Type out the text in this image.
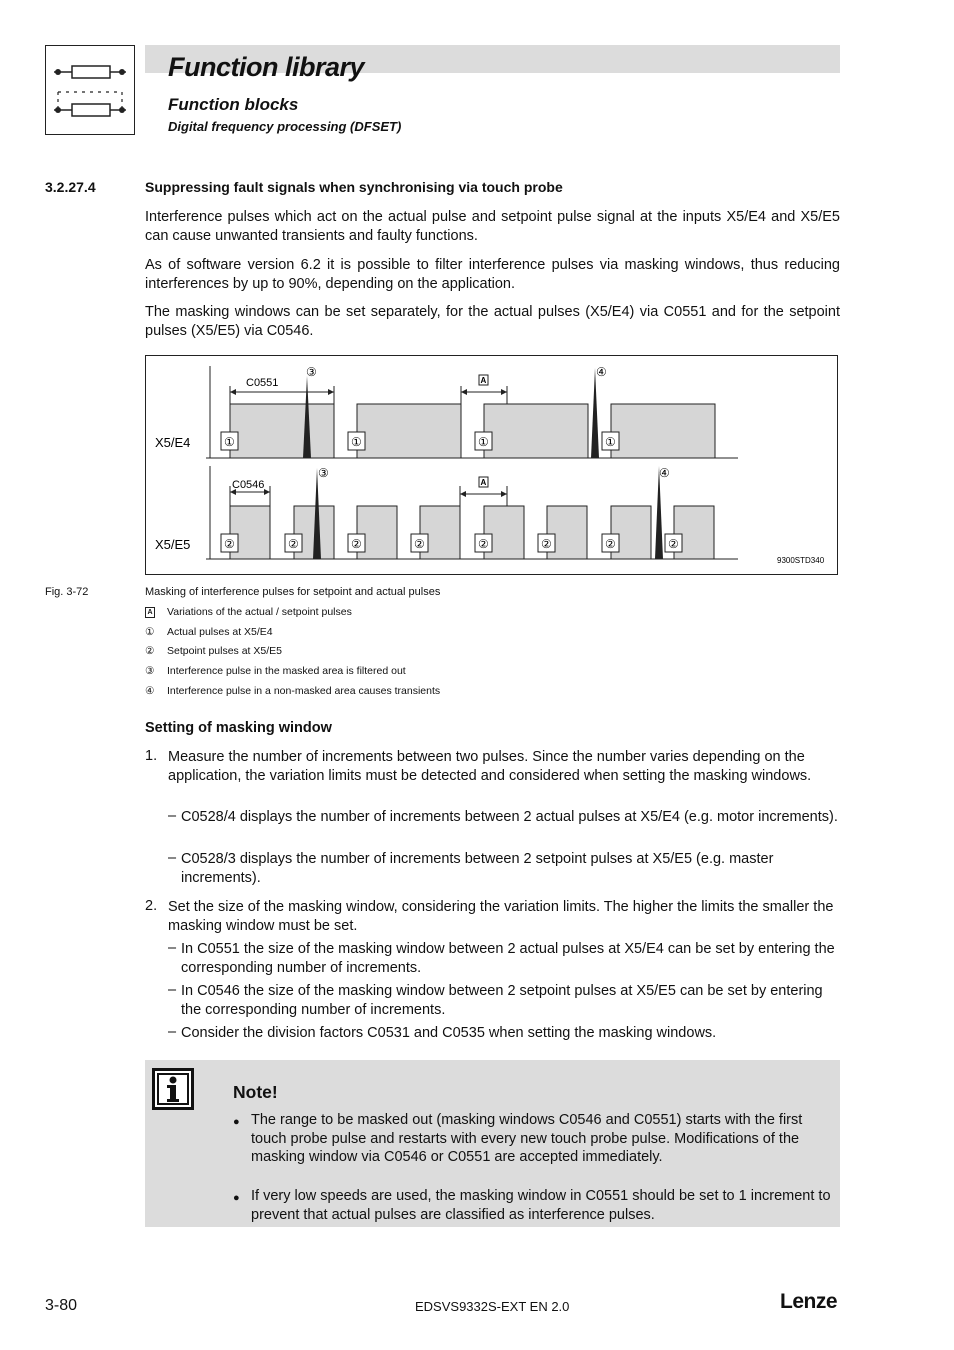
Function library
Function blocks
Digital frequency processing (DFSET)
3.2.27.4	Suppressing fault signals when synchronising via touch probe
Interference pulses which act on the actual pulse and setpoint pulse signal at the inputs X5/E4 and X5/E5 can cause unwanted transients and faulty functions.
As of software version 6.2 it is possible to filter interference pulses via masking windows, thus reducing interferences by up to 90%, depending on the application.
The masking windows can be set separately, for the actual pulses (X5/E4) via C0551 and for the setpoint pulses (X5/E5) via C0546.
C0551
③	④
A
X5/E4	①	①	①	①
C0546
③	④
A
X5/E5	②	②	②	②	②	②	②	②
9300STD340
Fig. 3-72	Masking of interference pulses for setpoint and actual pulses
A Variations of the actual / setpoint pulses
① Actual pulses at X5/E4
② Setpoint pulses at X5/E5
③ Interference pulse in the masked area is filtered out
④ Interference pulse in a non-masked area causes transients
Setting of masking window
1. Measure the number of increments between two pulses. Since the number varies depending on the application, the variation limits must be detected and considered when setting the masking windows.
– C0528/4 displays the number of increments between 2 actual pulses at X5/E4 (e.g. motor increments).
– C0528/3 displays the number of increments between 2 setpoint pulses at X5/E5 (e.g. master increments).
2. Set the size of the masking window, considering the variation limits. The higher the limits the smaller the masking window must be set.
– In C0551 the size of the masking window between 2 actual pulses at X5/E4 can be set by entering the corresponding number of increments.
– In C0546 the size of the masking window between 2 setpoint pulses at X5/E5 can be set by entering the corresponding number of increments.
– Consider the division factors C0531 and C0535 when setting the masking windows.
Note!
● The range to be masked out (masking windows C0546 and C0551) starts with the first touch probe pulse and restarts with every new touch probe pulse. Modifications of the masking window via C0546 or C0551 are accepted immediately.
● If very low speeds are used, the masking window in C0551 should be set to 1 increment to prevent that actual pulses are classified as interference pulses.
3-80	EDSVS9332S-EXT EN 2.0	Lenze
